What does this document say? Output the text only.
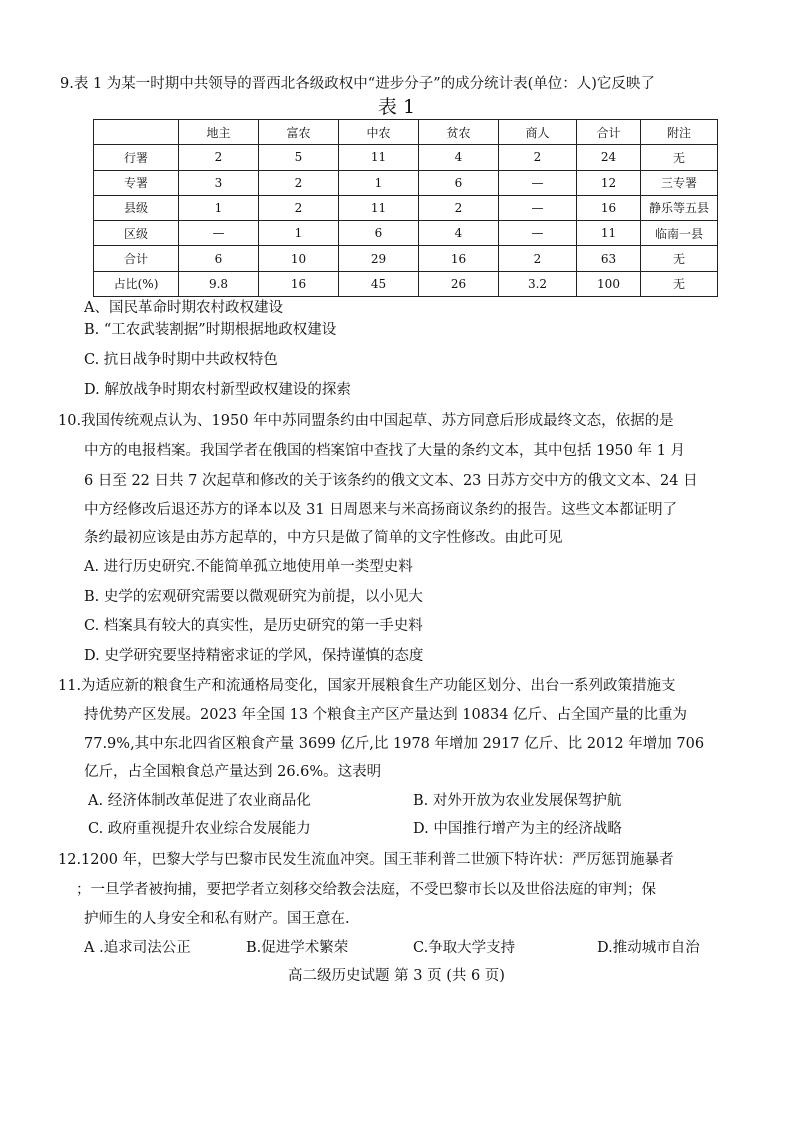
9.表 1 为某一时期中共领导的晋西北各级政权中“进步分子”的成分统计表(单位：人)它反映了
表 1
	地主	富农	中农	贫农	商人	合计	附注
行署	2	5	11	4	2	24	无
专署	3	2	1	6	—	12	三专署
县级	1	2	11	2	—	16	静乐等五县
区级	—	1	6	4	—	11	临南一县
合计	6	10	29	16	2	63	无
占比(%)	9.8	16	45	26	3.2	100	无
A、国民革命时期农村政权建设
B. “工农武装割据”时期根据地政权建设
C. 抗日战争时期中共政权特色
D. 解放战争时期农村新型政权建设的探索
10.我国传统观点认为、1950 年中苏同盟条约由中国起草、苏方同意后形成最终文态，依据的是
中方的电报档案。我国学者在俄国的档案馆中查找了大量的条约文本，其中包括 1950 年 1 月
6 日至 22 日共 7 次起草和修改的关于该条约的俄文文本、23 日苏方交中方的俄文文本、24 日
中方经修改后退还苏方的译本以及 31 日周恩来与米高扬商议条约的报告。这些文本都证明了
条约最初应该是由苏方起草的，中方只是做了简单的文字性修改。由此可见
A. 进行历史研究.不能简单孤立地使用单一类型史料
B. 史学的宏观研究需要以微观研究为前提，以小见大
C. 档案具有较大的真实性，是历史研究的第一手史料
D. 史学研究要坚持精密求证的学风，保持谨慎的态度
11.为适应新的粮食生产和流通格局变化，国家开展粮食生产功能区划分、出台一系列政策措施支
持优势产区发展。2023 年全国 13 个粮食主产区产量达到 10834 亿斤、占全国产量的比重为
77.9%,其中东北四省区粮食产量 3699 亿斤,比 1978 年增加 2917 亿斤、比 2012 年增加 706
亿斤，占全国粮食总产量达到 26.6%。这表明
A. 经济体制改革促进了农业商品化	B. 对外开放为农业发展保驾护航
C. 政府重视提升农业综合发展能力	D. 中国推行增产为主的经济战略
12.1200 年，巴黎大学与巴黎市民发生流血冲突。国王菲利普二世颁下特许状：严厉惩罚施暴者
；一旦学者被拘捕，要把学者立刻移交给教会法庭，不受巴黎市长以及世俗法庭的审判；保
护师生的人身安全和私有财产。国王意在.
A .追求司法公正	B.促进学术繁荣	C.争取大学支持	D.推动城市自治
高二级历史试题 第 3 页 (共 6 页)
